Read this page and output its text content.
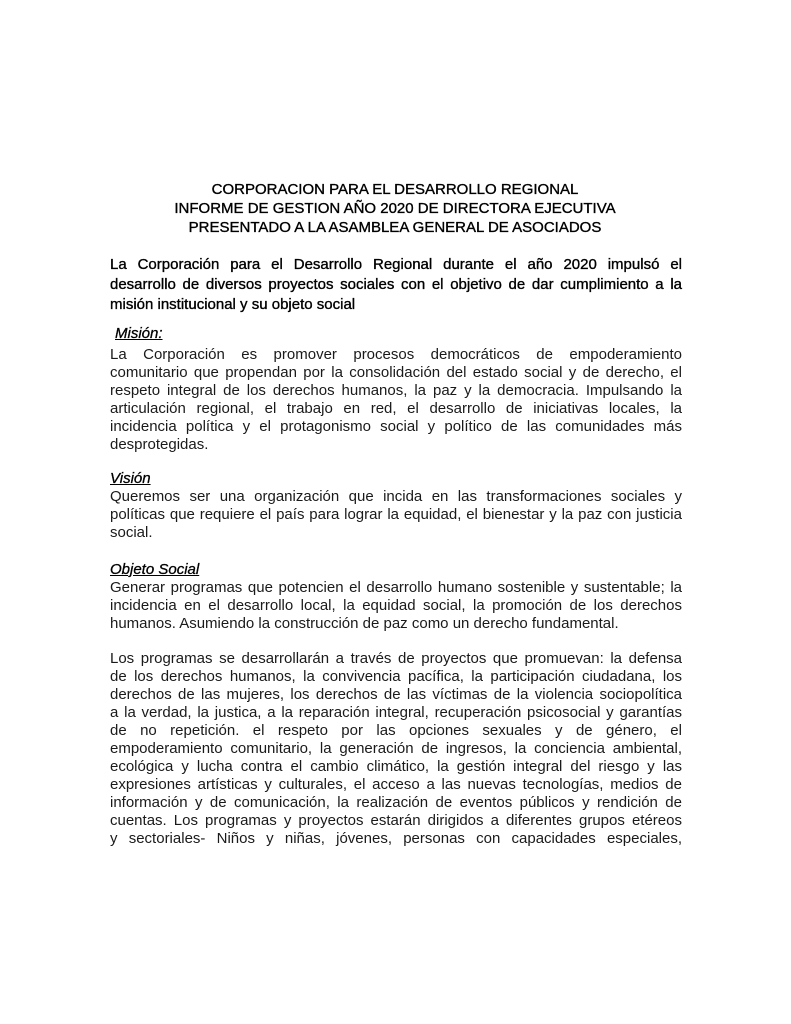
CORPORACION PARA EL DESARROLLO REGIONAL
INFORME DE GESTION AÑO 2020 DE DIRECTORA EJECUTIVA
PRESENTADO A LA ASAMBLEA GENERAL DE ASOCIADOS
La Corporación para el Desarrollo Regional durante el año 2020 impulsó el
desarrollo de diversos proyectos sociales con el objetivo de dar cumplimiento a la
misión institucional y su objeto social
Misión:
La Corporación es promover procesos democráticos de empoderamiento
comunitario que propendan por la consolidación del estado social y de derecho, el
respeto integral de los derechos humanos, la paz y la democracia. Impulsando la
articulación regional, el trabajo en red, el desarrollo de iniciativas locales, la
incidencia política y el protagonismo social y político de las comunidades más
desprotegidas.
Visión
Queremos ser una organización que incida en las transformaciones sociales y
políticas que requiere el país para lograr la equidad, el bienestar y la paz con justicia
social.
Objeto Social
Generar programas que potencien el desarrollo humano sostenible y sustentable; la
incidencia en el desarrollo local, la equidad social, la promoción de los derechos
humanos. Asumiendo la construcción de paz como un derecho fundamental.
Los programas se desarrollarán a través de proyectos que promuevan: la defensa
de los derechos humanos, la convivencia pacífica, la participación ciudadana, los
derechos de las mujeres, los derechos de las víctimas de la violencia sociopolítica
a la verdad, la justica, a la reparación integral, recuperación psicosocial y garantías
de no repetición. el respeto por las opciones sexuales y de género, el
empoderamiento comunitario, la generación de ingresos, la conciencia ambiental,
ecológica y lucha contra el cambio climático, la gestión integral del riesgo y las
expresiones artísticas y culturales, el acceso a las nuevas tecnologías, medios de
información y de comunicación, la realización de eventos públicos y rendición de
cuentas. Los programas y proyectos estarán dirigidos a diferentes grupos etéreos
y sectoriales- Niños y niñas, jóvenes, personas con capacidades especiales,
